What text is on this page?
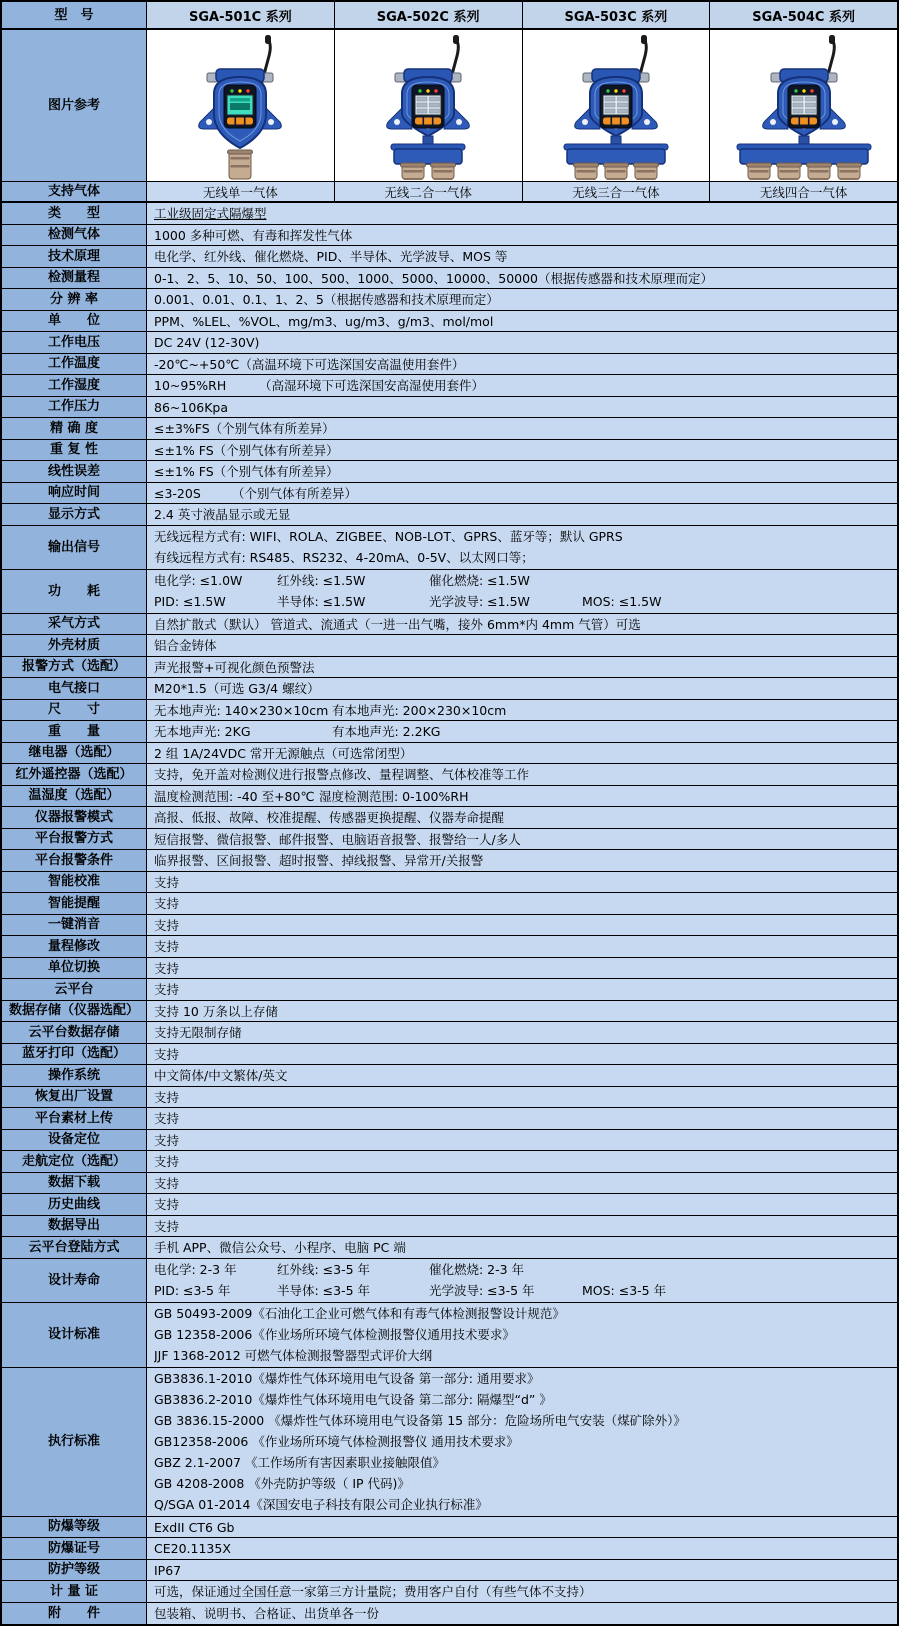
型　号	SGA-501C 系列	SGA-502C 系列	SGA-503C 系列	SGA-504C 系列
图片参考
支持气体	无线单一气体	无线二合一气体	无线三合一气体	无线四合一气体
类　　型	工业级固定式隔爆型
检测气体	1000 多种可燃、有毒和挥发性气体
技术原理	电化学、红外线、催化燃烧、PID、半导体、光学波导、MOS 等
检测量程	0-1、2、5、10、50、100、500、1000、5000、10000、50000（根据传感器和技术原理而定）
分 辨 率	0.001、0.01、0.1、1、2、5（根据传感器和技术原理而定）
单　　位	PPM、%LEL、%VOL、mg/m3、ug/m3、g/m3、mol/mol
工作电压	DC 24V (12-30V)
工作温度	-20℃~+50℃（高温环境下可选深国安高温使用套件）
工作湿度	10~95%RH	（高湿环境下可选深国安高湿使用套件）
工作压力	86~106Kpa
精 确 度	≤±3%FS（个别气体有所差异）
重 复 性	≤±1% FS（个别气体有所差异）
线性误差	≤±1% FS（个别气体有所差异）
响应时间	≤3-20S （个别气体有所差异）
显示方式	2.4 英寸液晶显示或无显
输出信号
无线远程方式有: WIFI、ROLA、ZIGBEE、NOB-LOT、GPRS、蓝牙等；默认 GPRS
有线远程方式有: RS485、RS232、4-20mA、0-5V、以太网口等；
功　　耗
电化学: ≤1.0W	红外线: ≤1.5W	催化燃烧: ≤1.5W
PID: ≤1.5W	半导体: ≤1.5W	光学波导: ≤1.5W	MOS: ≤1.5W
采气方式	自然扩散式（默认） 管道式、流通式（一进一出气嘴，接外 6mm*内 4mm 气管）可选
外壳材质	铝合金铸体
报警方式（选配）	声光报警+可视化颜色预警法
电气接口	M20*1.5（可选 G3/4 螺纹）
尺　　寸	无本地声光: 140×230×10cm 有本地声光: 200×230×10cm
重　　量	无本地声光: 2KG	有本地声光: 2.2KG
继电器（选配）	2 组 1A/24VDC 常开无源触点（可选常闭型）
红外遥控器（选配）	支持，免开盖对检测仪进行报警点修改、量程调整、气体校准等工作
温湿度（选配）	温度检测范围: -40 至+80℃ 湿度检测范围: 0-100%RH
仪器报警模式	高报、低报、故障、校准提醒、传感器更换提醒、仪器寿命提醒
平台报警方式	短信报警、微信报警、邮件报警、电脑语音报警、报警给一人/多人
平台报警条件	临界报警、区间报警、超时报警、掉线报警、异常开/关报警
智能校准	支持
智能提醒	支持
一键消音	支持
量程修改	支持
单位切换	支持
云平台	支持
数据存储（仪器选配）	支持 10 万条以上存储
云平台数据存储	支持无限制存储
蓝牙打印（选配）	支持
操作系统	中文简体/中文繁体/英文
恢复出厂设置	支持
平台素材上传	支持
设备定位	支持
走航定位（选配）	支持
数据下载	支持
历史曲线	支持
数据导出	支持
云平台登陆方式	手机 APP、微信公众号、小程序、电脑 PC 端
设计寿命
电化学: 2-3 年	红外线: ≤3-5 年	催化燃烧: 2-3 年
PID: ≤3-5 年	半导体: ≤3-5 年	光学波导: ≤3-5 年	MOS: ≤3-5 年
设计标准
GB 50493-2009《石油化工企业可燃气体和有毒气体检测报警设计规范》
GB 12358-2006《作业场所环境气体检测报警仪通用技术要求》
JJF 1368-2012 可燃气体检测报警器型式评价大纲
执行标准
GB3836.1-2010《爆炸性气体环境用电气设备 第一部分: 通用要求》
GB3836.2-2010《爆炸性气体环境用电气设备 第二部分: 隔爆型“d” 》
GB 3836.15-2000 《爆炸性气体环境用电气设备第 15 部分：危险场所电气安装（煤矿除外）》
GB12358-2006 《作业场所环境气体检测报警仪 通用技术要求》
GBZ 2.1-2007 《工作场所有害因素职业接触限值》
GB 4208-2008 《外壳防护等级（ IP 代码)》
Q/SGA 01-2014《深国安电子科技有限公司企业执行标准》
防爆等级	ExdII CT6 Gb
防爆证号	CE20.1135X
防护等级	IP67
计 量 证	可选，保证通过全国任意一家第三方计量院；费用客户自付（有些气体不支持）
附　　件	包装箱、说明书、合格证、出货单各一份
